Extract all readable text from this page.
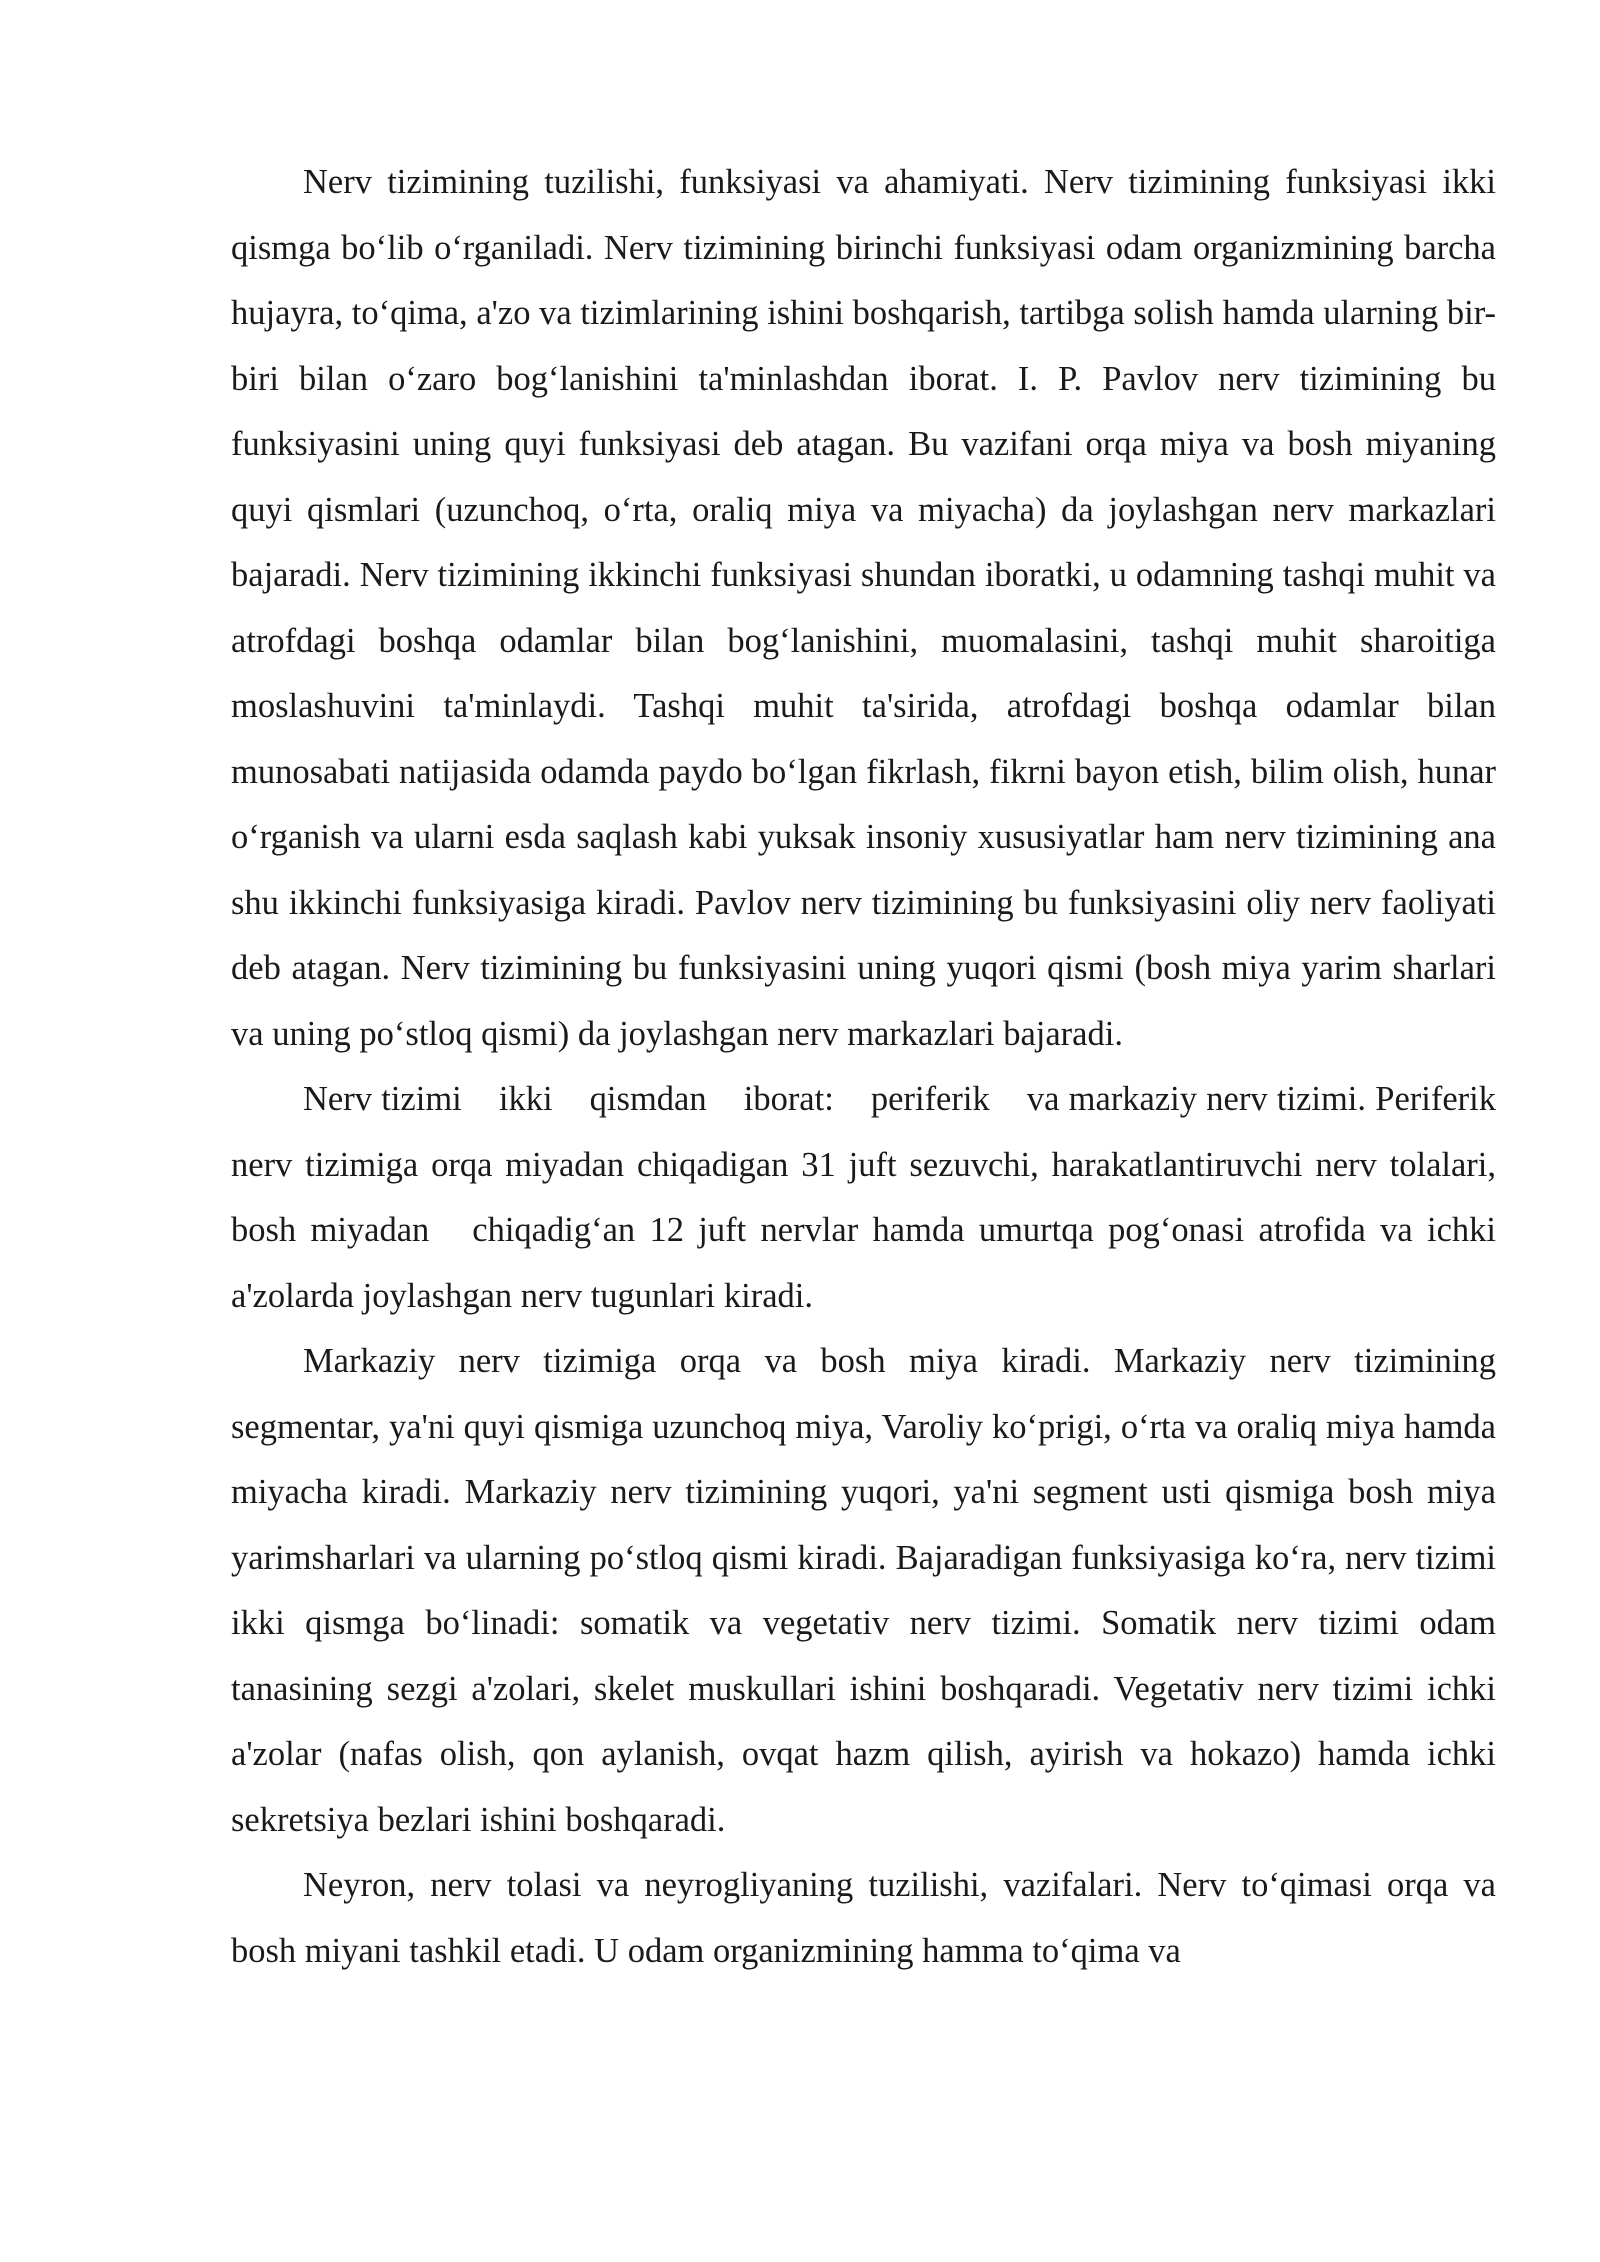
Nerv tizimining tuzilishi, funksiyasi va ahamiyati. Nerv tizimining funksiyasi ikki qismga boʻlib oʻrganiladi. Nerv tizimining birinchi funksiyasi odam organizmining barcha hujayra, toʻqima, a'zo va tizimlarining ishini boshqarish, tartibga solish hamda ularning bir-biri bilan oʻzaro bogʻlanishini ta'minlashdan iborat. I. P. Pavlov nerv tizimining bu funksiyasini uning quyi funksiyasi deb atagan. Bu vazifani orqa miya va bosh miyaning quyi qismlari (uzunchoq, oʻrta, oraliq miya va miyacha) da joylashgan nerv markazlari bajaradi. Nerv tizimining ikkinchi funksiyasi shundan iboratki, u odamning tashqi muhit va atrofdagi boshqa odamlar bilan bogʻlanishini, muomalasini, tashqi muhit sharoitiga moslashuvini ta'minlaydi. Tashqi muhit ta'sirida, atrofdagi boshqa odamlar bilan munosabati natijasida odamda paydo boʻlgan fikrlash, fikrni bayon etish, bilim olish, hunar oʻrganish va ularni esda saqlash kabi yuksak insoniy xususiyatlar ham nerv tizimining ana shu ikkinchi funksiyasiga kiradi. Pavlov nerv tizimining bu funksiyasini oliy nerv faoliyati deb atagan. Nerv tizimining bu funksiyasini uning yuqori qismi (bosh miya yarim sharlari va uning poʻstloq qismi) da joylashgan nerv markazlari bajaradi.

Nerv tizimi    ikki    qismdan    iborat:    periferik    va markaziy nerv tizimi. Periferik nerv tizimiga orqa miyadan chiqadigan 31 juft sezuvchi, harakatlantiruvchi nerv tolalari, bosh miyadan   chiqadigʻan 12 juft nervlar hamda umurtqa pogʻonasi atrofida va ichki a'zolarda joylashgan nerv tugunlari kiradi.

Markaziy nerv tizimiga orqa va bosh miya kiradi. Markaziy nerv tizimining segmentar, ya'ni quyi qismiga uzunchoq miya, Varoliy koʻprigi, oʻrta va oraliq miya hamda miyacha kiradi. Markaziy nerv tizimining yuqori, ya'ni segment usti qismiga bosh miya yarimsharlari va ularning poʻstloq qismi kiradi. Bajaradigan funksiyasiga koʻra, nerv tizimi ikki qismga boʻlinadi: somatik va vegetativ nerv tizimi. Somatik nerv tizimi odam tanasining sezgi a'zolari, skelet muskullari ishini boshqaradi. Vegetativ nerv tizimi ichki a'zolar (nafas olish, qon aylanish, ovqat hazm qilish, ayirish va hokazo) hamda ichki sekretsiya bezlari ishini boshqaradi.

Neyron, nerv tolasi va neyrogliyaning tuzilishi, vazifalari. Nerv toʻqimasi orqa va bosh miyani tashkil etadi. U odam organizmining hamma toʻqima va
